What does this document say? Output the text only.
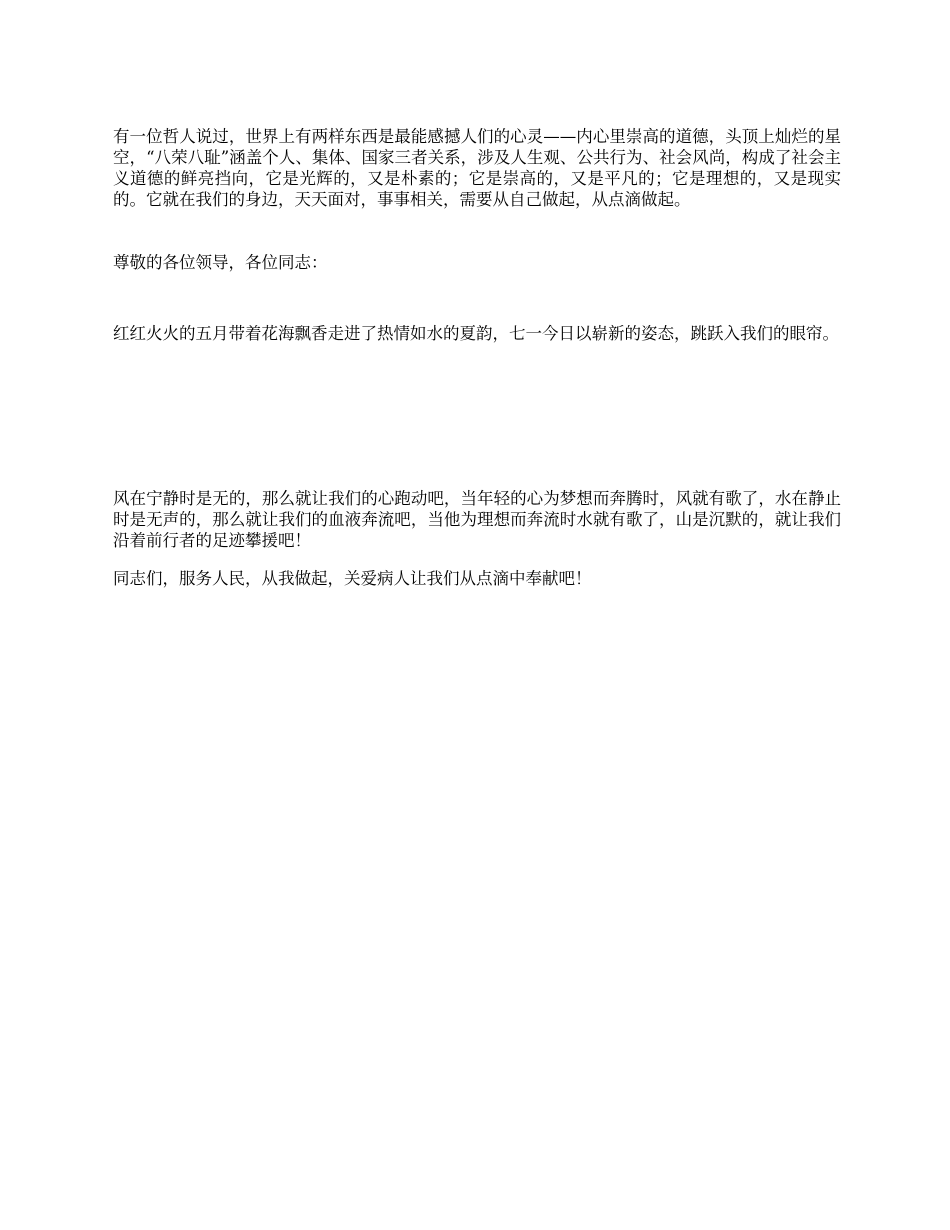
有一位哲人说过，世界上有两样东西是最能感撼人们的心灵——内心里崇高的道德，头顶上灿烂的星空，“八荣八耻”涵盖个人、集体、国家三者关系，涉及人生观、公共行为、社会风尚，构成了社会主义道德的鲜亮挡向，它是光辉的，又是朴素的；它是崇高的，又是平凡的；它是理想的，又是现实的。它就在我们的身边，天天面对，事事相关，需要从自己做起，从点滴做起。

尊敬的各位领导，各位同志：

红红火火的五月带着花海飘香走进了热情如水的夏韵，七一今日以崭新的姿态，跳跃入我们的眼帘。

风在宁静时是无的，那么就让我们的心跑动吧，当年轻的心为梦想而奔腾时，风就有歌了，水在静止时是无声的，那么就让我们的血液奔流吧，当他为理想而奔流时水就有歌了，山是沉默的，就让我们沿着前行者的足迹攀援吧！

同志们，服务人民，从我做起，关爱病人让我们从点滴中奉献吧！
